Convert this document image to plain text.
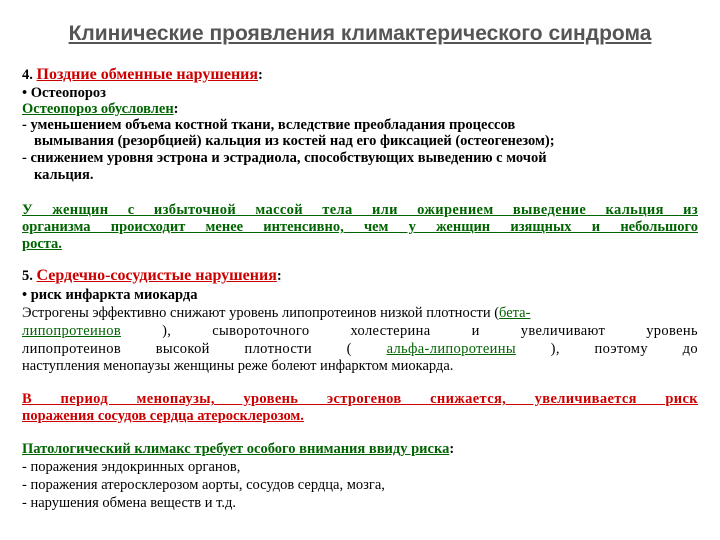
Клинические проявления климактерического синдрома

4. Поздние обменные нарушения:

• Остеопороз

Остеопороз обусловлен:

- уменьшением объема костной ткани, вследствие преобладания процессов

вымывания (резорбцией) кальция из костей над его фиксацией (остеогенезом);

- снижением уровня эстрона и эстрадиола, способствующих выведению с мочой

кальция.

У женщин с избыточной массой тела или ожирением выведение кальция из

организма происходит менее интенсивно, чем у женщин изящных и небольшого

роста.

5. Сердечно-сосудистые нарушения:

• риск инфаркта миокарда

Эстрогены эффективно снижают уровень липопротеинов низкой плотности (бета-

липопротеинов	), сывороточного холестерина и увеличивают уровень

липопротеинов высокой плотности ( альфа-липоротеины ), поэтому до

наступления менопаузы женщины реже болеют инфарктом миокарда.

В период менопаузы, уровень эстрогенов снижается, увеличивается риск

поражения сосудов сердца атеросклерозом.

Патологический климакс требует особого внимания ввиду риска:

- поражения эндокринных органов,

- поражения атеросклерозом аорты, сосудов сердца, мозга,

- нарушения обмена веществ и т.д.
